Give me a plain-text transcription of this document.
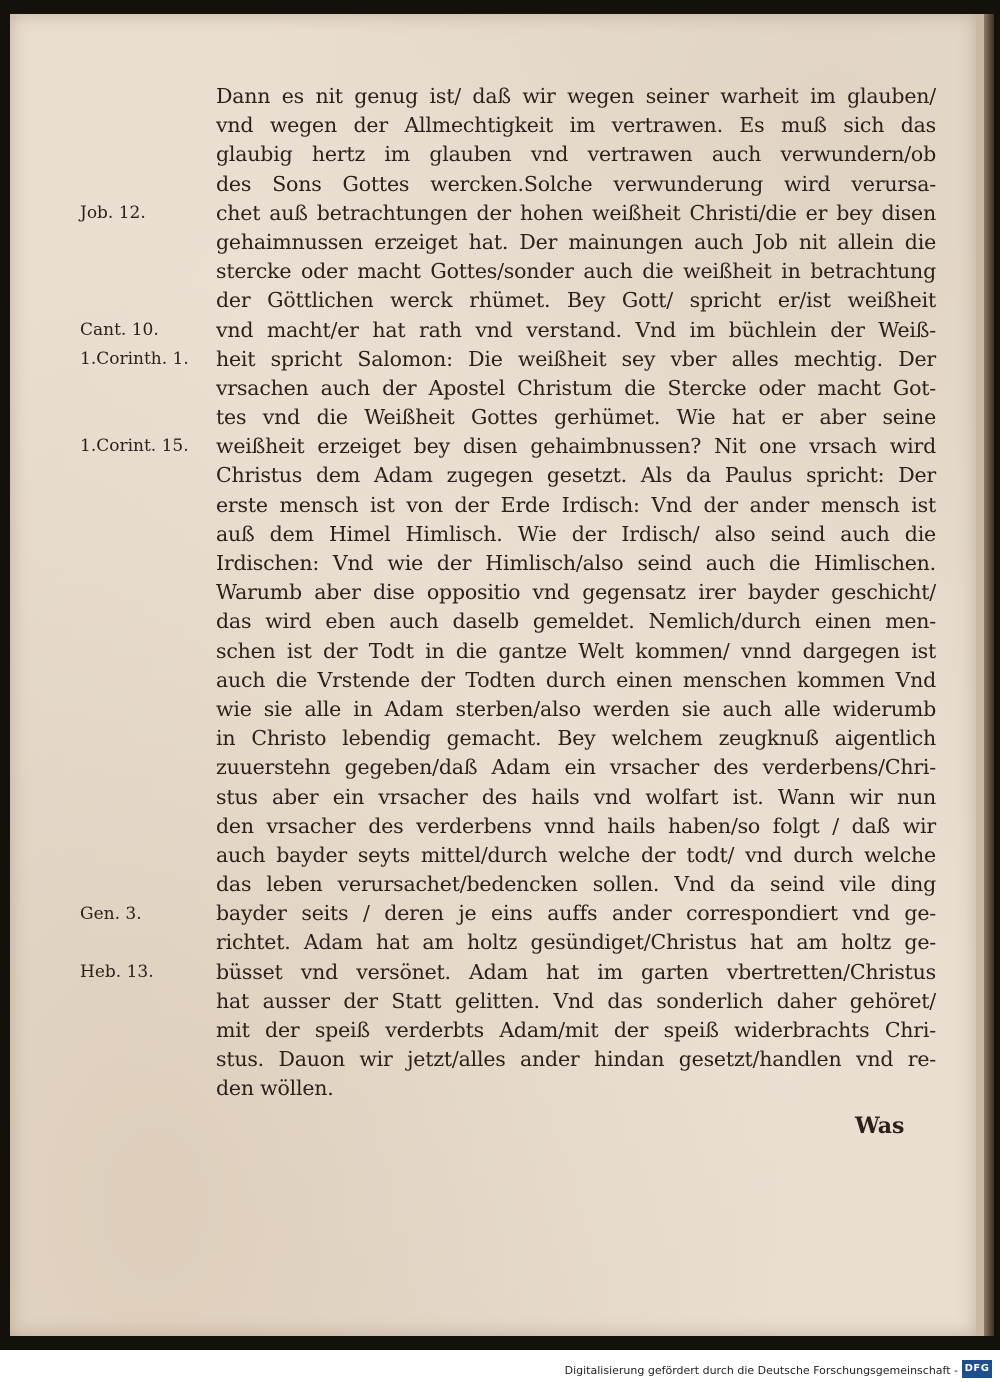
Dann es nit genug ist/ daß wir wegen seiner warheit im glauben/
vnd wegen der Allmechtigkeit im vertrawen. Es muß sich das
glaubig hertz im glauben vnd vertrawen auch verwundern/ob
des Sons Gottes wercken.Solche verwunderung wird verursa-
chet auß betrachtungen der hohen weißheit Christi/die er bey disen
gehaimnussen erzeiget hat. Der mainungen auch Job nit allein die
stercke oder macht Gottes/sonder auch die weißheit in betrachtung
der Göttlichen werck rhümet. Bey Gott/ spricht er/ist weißheit
vnd macht/er hat rath vnd verstand. Vnd im büchlein der Weiß-
heit spricht Salomon: Die weißheit sey vber alles mechtig. Der
vrsachen auch der Apostel Christum die Stercke oder macht Got-
tes vnd die Weißheit Gottes gerhümet. Wie hat er aber seine
weißheit erzeiget bey disen gehaimbnussen? Nit one vrsach wird
Christus dem Adam zugegen gesetzt. Als da Paulus spricht: Der
erste mensch ist von der Erde Irdisch: Vnd der ander mensch ist
auß dem Himel Himlisch. Wie der Irdisch/ also seind auch die
Irdischen: Vnd wie der Himlisch/also seind auch die Himlischen.
Warumb aber dise oppositio vnd gegensatz irer bayder geschicht/
das wird eben auch daselb gemeldet. Nemlich/durch einen men-
schen ist der Todt in die gantze Welt kommen/ vnnd dargegen ist
auch die Vrstende der Todten durch einen menschen kommen Vnd
wie sie alle in Adam sterben/also werden sie auch alle widerumb
in Christo lebendig gemacht. Bey welchem zeugknuß aigentlich
zuuerstehn gegeben/daß Adam ein vrsacher des verderbens/Chri-
stus aber ein vrsacher des hails vnd wolfart ist. Wann wir nun
den vrsacher des verderbens vnnd hails haben/so folgt / daß wir
auch bayder seyts mittel/durch welche der todt/ vnd durch welche
das leben verursachet/bedencken sollen. Vnd da seind vile ding
bayder seits / deren je eins auffs ander correspondiert vnd ge-
richtet. Adam hat am holtz gesündiget/Christus hat am holtz ge-
büsset vnd versönet. Adam hat im garten vbertretten/Christus
hat ausser der Statt gelitten. Vnd das sonderlich daher gehöret/
mit der speiß verderbts Adam/mit der speiß widerbrachts Chri-
stus. Dauon wir jetzt/alles ander hindan gesetzt/handlen vnd re-
den wöllen.
Job. 12.
Cant. 10.
1.Corinth. 1.
1.Corint. 15.
Gen. 3.
Heb. 13.
Was
Digitalisierung gefördert durch die Deutsche Forschungsgemeinschaft - DFG
